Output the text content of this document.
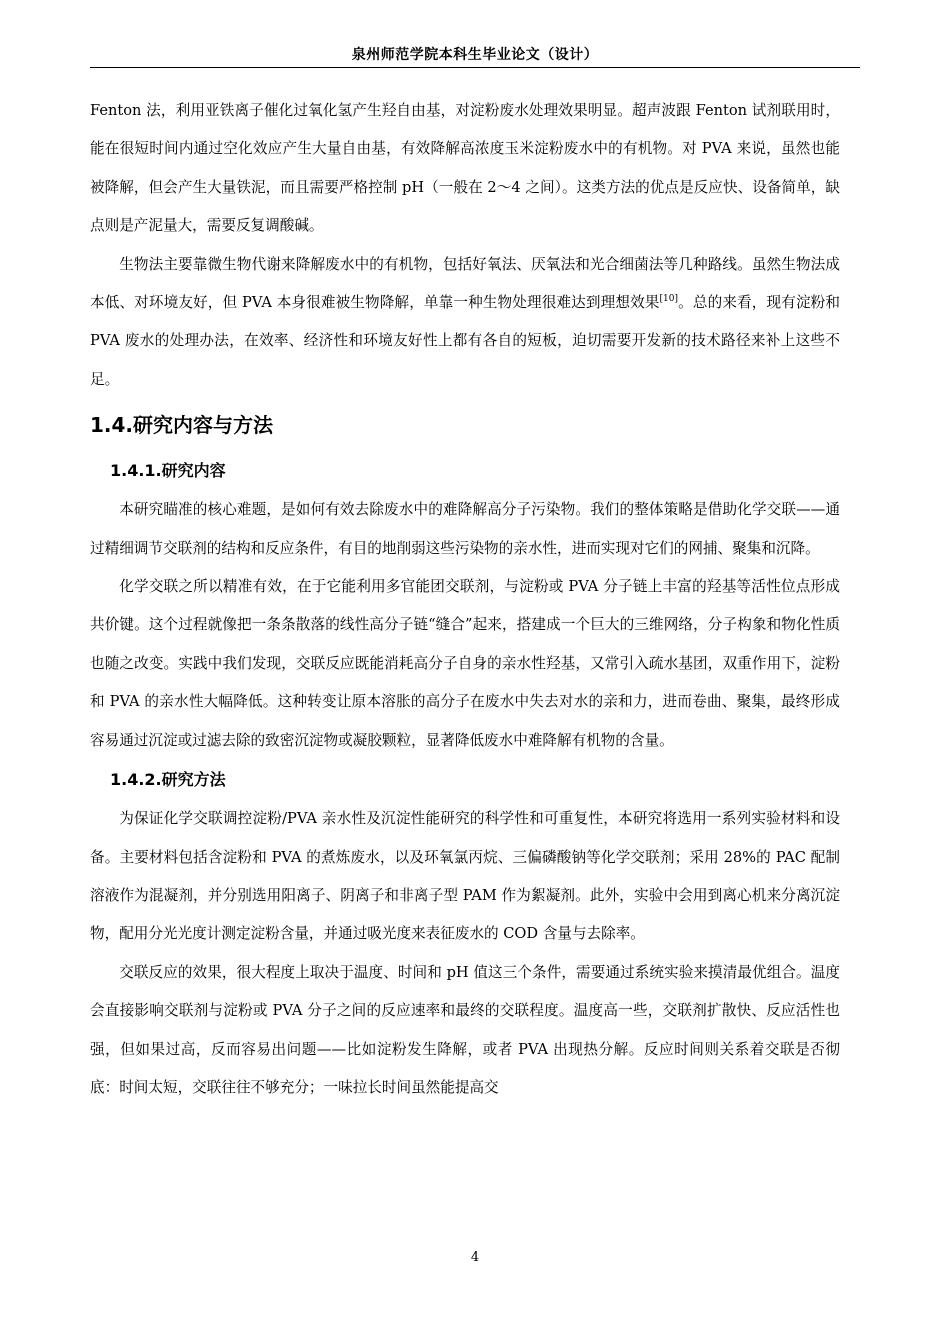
泉州师范学院本科生毕业论文（设计）

Fenton 法，利用亚铁离子催化过氧化氢产生羟自由基，对淀粉废水处理效果明显。超声波跟 Fenton 试剂联用时，能在很短时间内通过空化效应产生大量自由基，有效降解高浓度玉米淀粉废水中的有机物。对 PVA 来说，虽然也能被降解，但会产生大量铁泥，而且需要严格控制 pH（一般在 2～4 之间）。这类方法的优点是反应快、设备简单，缺点则是产泥量大，需要反复调酸碱。

生物法主要靠微生物代谢来降解废水中的有机物，包括好氧法、厌氧法和光合细菌法等几种路线。虽然生物法成本低、对环境友好，但 PVA 本身很难被生物降解，单靠一种生物处理很难达到理想效果[10]。总的来看，现有淀粉和 PVA 废水的处理办法，在效率、经济性和环境友好性上都有各自的短板，迫切需要开发新的技术路径来补上这些不足。

1.4.研究内容与方法

1.4.1.研究内容

本研究瞄准的核心难题，是如何有效去除废水中的难降解高分子污染物。我们的整体策略是借助化学交联——通过精细调节交联剂的结构和反应条件，有目的地削弱这些污染物的亲水性，进而实现对它们的网捕、聚集和沉降。

化学交联之所以精准有效，在于它能利用多官能团交联剂，与淀粉或 PVA 分子链上丰富的羟基等活性位点形成共价键。这个过程就像把一条条散落的线性高分子链“缝合”起来，搭建成一个巨大的三维网络，分子构象和物化性质也随之改变。实践中我们发现，交联反应既能消耗高分子自身的亲水性羟基，又常引入疏水基团，双重作用下，淀粉和 PVA 的亲水性大幅降低。这种转变让原本溶胀的高分子在废水中失去对水的亲和力，进而卷曲、聚集，最终形成容易通过沉淀或过滤去除的致密沉淀物或凝胶颗粒，显著降低废水中难降解有机物的含量。

1.4.2.研究方法

为保证化学交联调控淀粉/PVA 亲水性及沉淀性能研究的科学性和可重复性，本研究将选用一系列实验材料和设备。主要材料包括含淀粉和 PVA 的煮炼废水，以及环氧氯丙烷、三偏磷酸钠等化学交联剂；采用 28%的 PAC 配制溶液作为混凝剂，并分别选用阳离子、阴离子和非离子型 PAM 作为絮凝剂。此外，实验中会用到离心机来分离沉淀物，配用分光光度计测定淀粉含量，并通过吸光度来表征废水的 COD 含量与去除率。

交联反应的效果，很大程度上取决于温度、时间和 pH 值这三个条件，需要通过系统实验来摸清最优组合。温度会直接影响交联剂与淀粉或 PVA 分子之间的反应速率和最终的交联程度。温度高一些，交联剂扩散快、反应活性也强，但如果过高，反而容易出问题——比如淀粉发生降解，或者 PVA 出现热分解。反应时间则关系着交联是否彻底：时间太短，交联往往不够充分；一味拉长时间虽然能提高交

4
